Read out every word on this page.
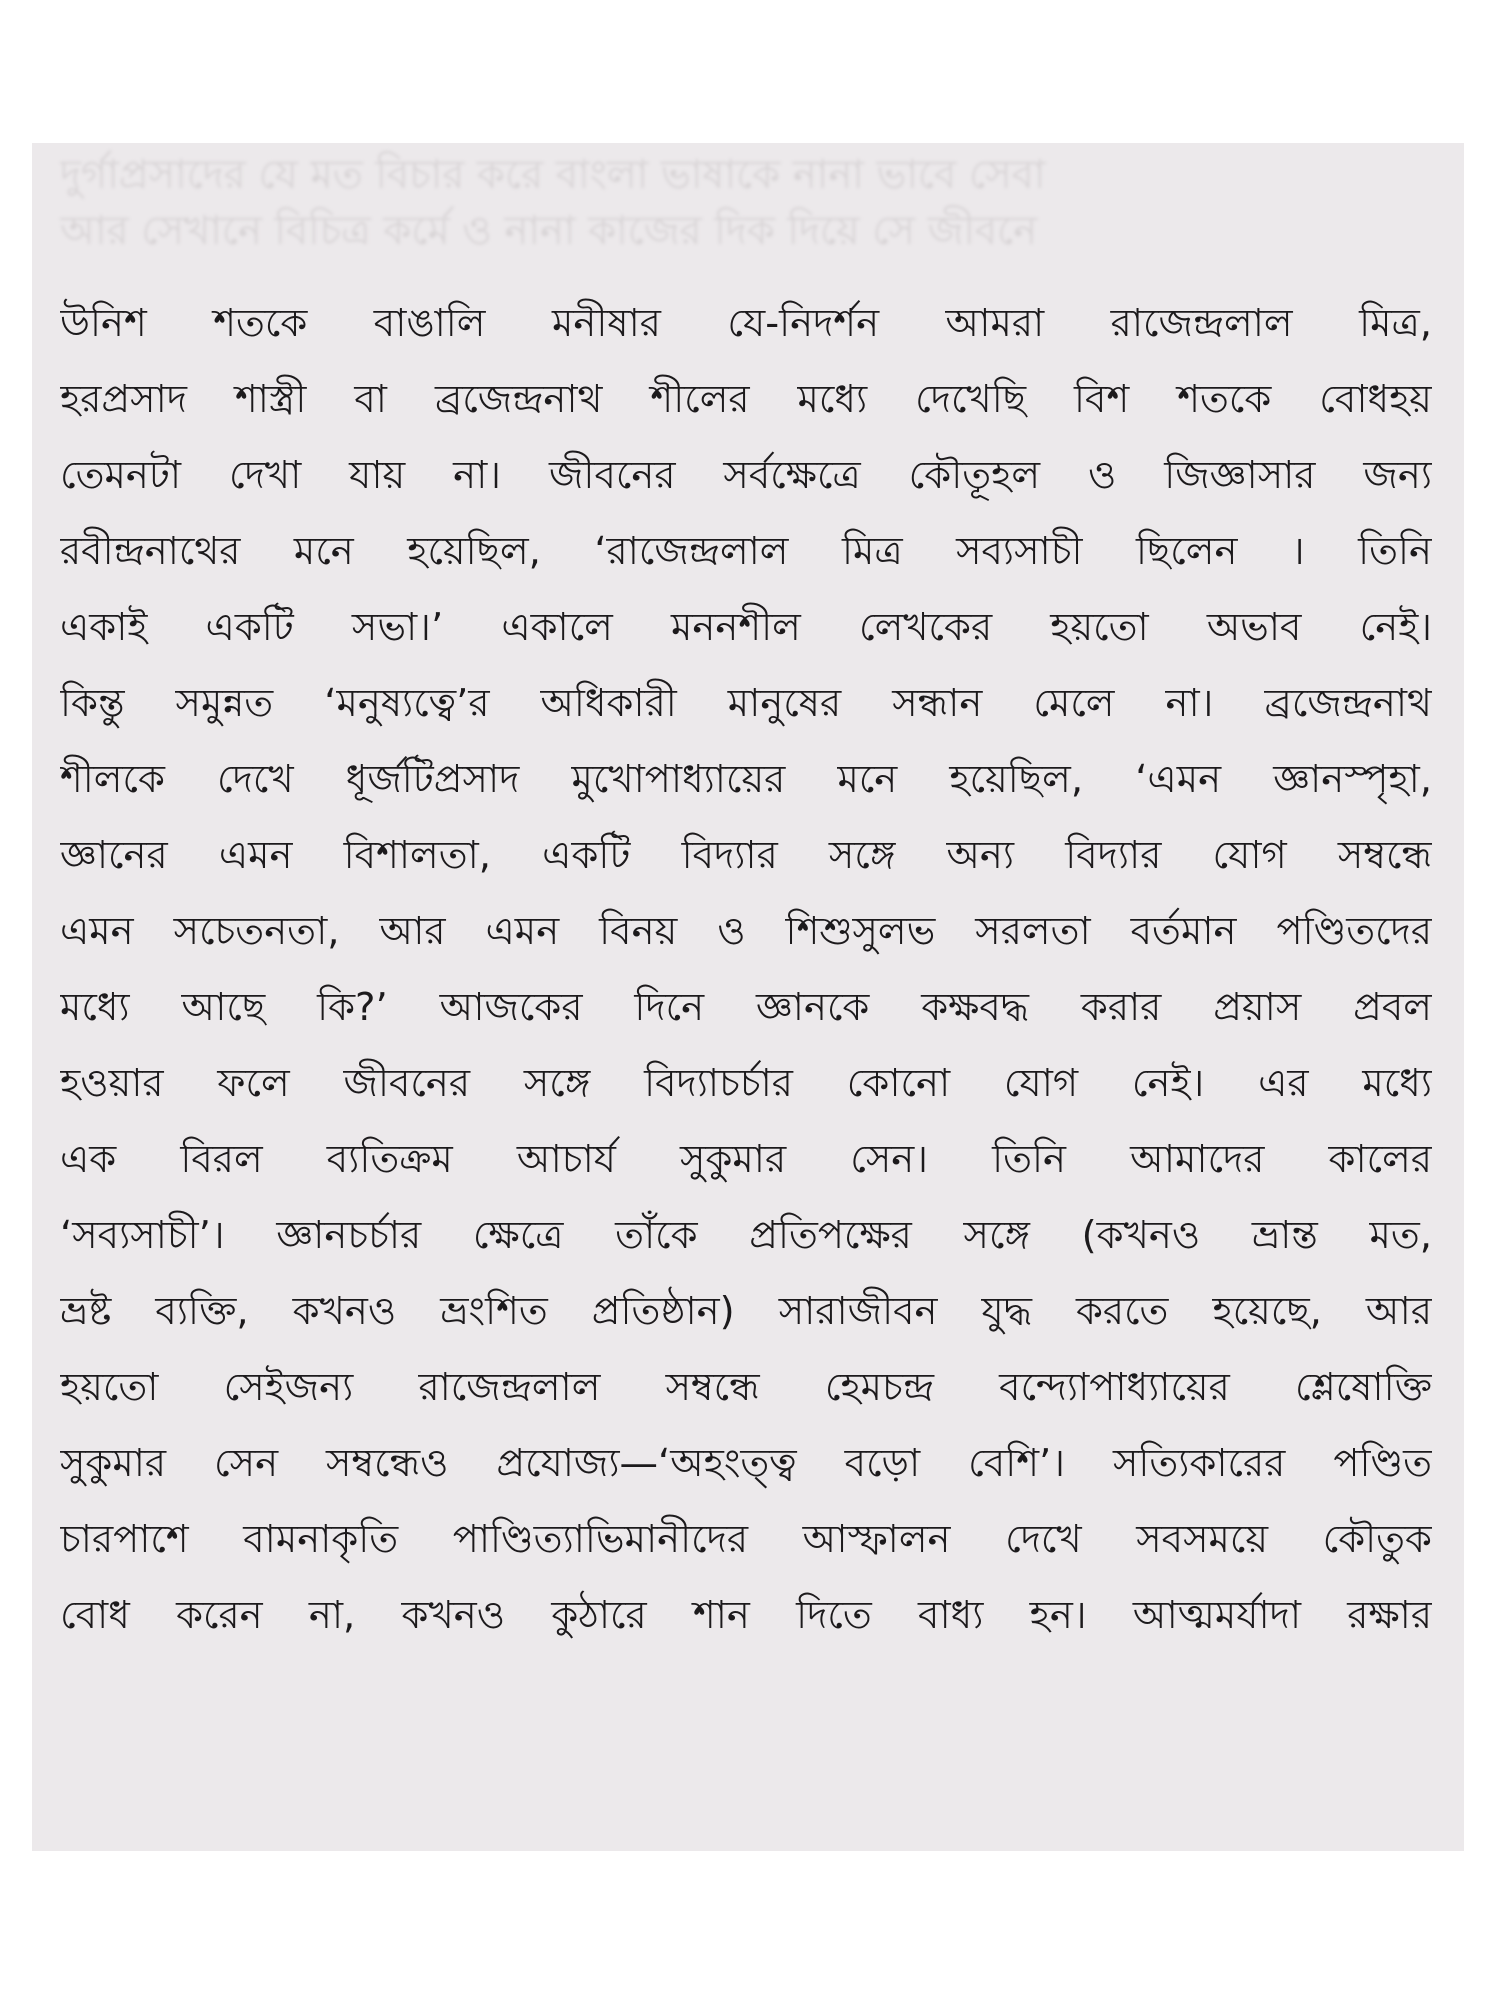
দুর্গাপ্রসাদের যে মত বিচার করে বাংলা ভাষাকে নানা ভাবে সেবা
আর সেখানে বিচিত্র কর্মে ও নানা কাজের দিক দিয়ে সে জীবনে
উনিশ শতকে বাঙালি মনীষার যে-নিদর্শন আমরা রাজেন্দ্রলাল মিত্র,
হরপ্রসাদ শাস্ত্রী বা ব্রজেন্দ্রনাথ শীলের মধ্যে দেখেছি বিশ শতকে বোধহয়
তেমনটা দেখা যায় না। জীবনের সর্বক্ষেত্রে কৌতূহল ও জিজ্ঞাসার জন্য
রবীন্দ্রনাথের মনে হয়েছিল, ‘রাজেন্দ্রলাল মিত্র সব্যসাচী ছিলেন । তিনি
একাই একটি সভা।’ একালে মননশীল লেখকের হয়তো অভাব নেই।
কিন্তু সমুন্নত ‘মনুষ্যত্বে’র অধিকারী মানুষের সন্ধান মেলে না। ব্রজেন্দ্রনাথ
শীলকে দেখে ধূর্জটিপ্রসাদ মুখোপাধ্যায়ের মনে হয়েছিল, ‘এমন জ্ঞানস্পৃহা,
জ্ঞানের এমন বিশালতা, একটি বিদ্যার সঙ্গে অন্য বিদ্যার যোগ সম্বন্ধে
এমন সচেতনতা, আর এমন বিনয় ও শিশুসুলভ সরলতা বর্তমান পণ্ডিতদের
মধ্যে আছে কি?’ আজকের দিনে জ্ঞানকে কক্ষবদ্ধ করার প্রয়াস প্রবল
হওয়ার ফলে জীবনের সঙ্গে বিদ্যাচর্চার কোনো যোগ নেই। এর মধ্যে
এক বিরল ব্যতিক্রম আচার্য সুকুমার সেন। তিনি আমাদের কালের
‘সব্যসাচী’। জ্ঞানচর্চার ক্ষেত্রে তাঁকে প্রতিপক্ষের সঙ্গে (কখনও ভ্রান্ত মত,
ভ্রষ্ট ব্যক্তি, কখনও ভ্রংশিত প্রতিষ্ঠান) সারাজীবন যুদ্ধ করতে হয়েছে, আর
হয়তো সেইজন্য রাজেন্দ্রলাল সম্বন্ধে হেমচন্দ্র বন্দ্যোপাধ্যায়ের শ্লেষোক্তি
সুকুমার সেন সম্বন্ধেও প্রযোজ্য—‘অহংত্ত্ব বড়ো বেশি’। সত্যিকারের পণ্ডিত
চারপাশে বামনাকৃতি পাণ্ডিত্যাভিমানীদের আস্ফালন দেখে সবসময়ে কৌতুক
বোধ করেন না, কখনও কুঠারে শান দিতে বাধ্য হন। আত্মমর্যাদা রক্ষার
